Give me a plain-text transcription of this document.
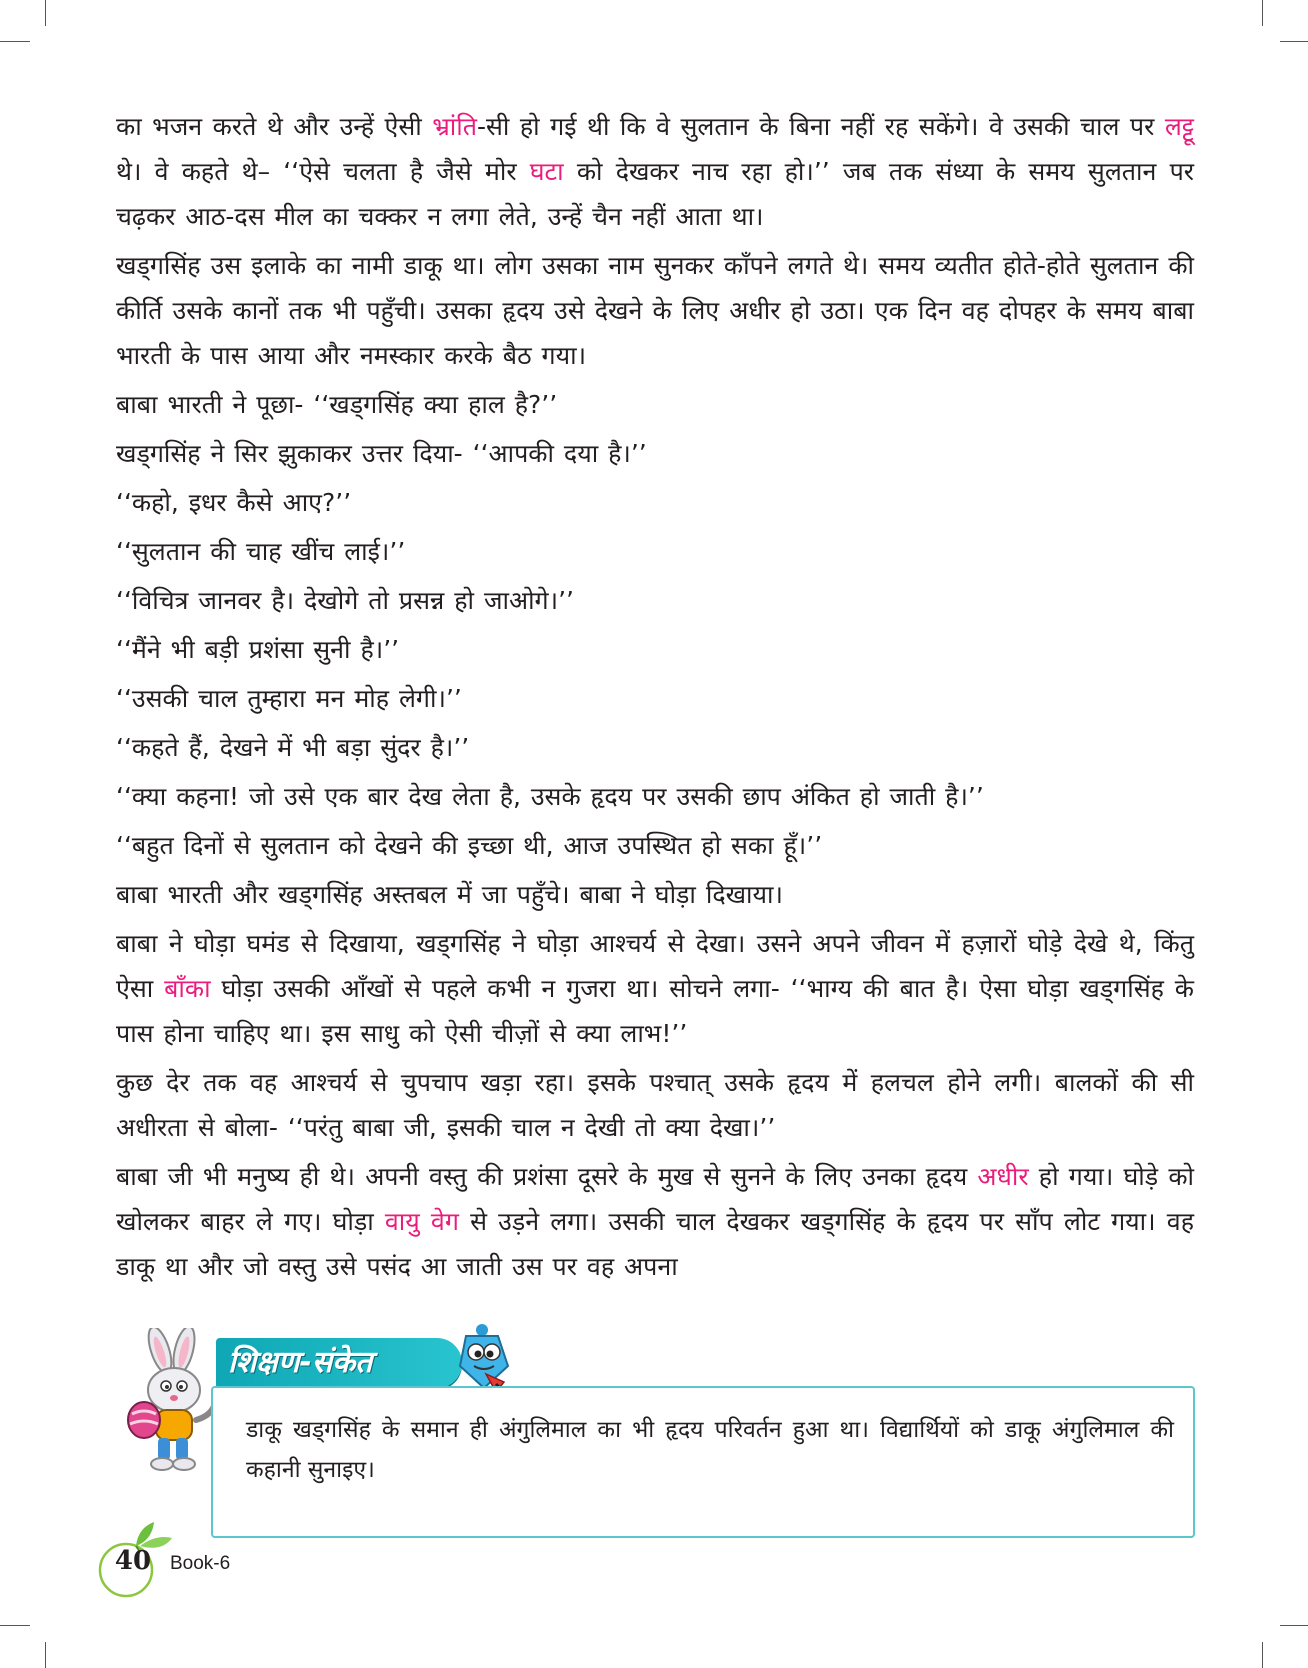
का भजन करते थे और उन्हें ऐसी भ्रांति-सी हो गई थी कि वे सुलतान के बिना नहीं रह सकेंगे। वे उसकी चाल पर लट्टू थे। वे कहते थे– ‘‘ऐसे चलता है जैसे मोर घटा को देखकर नाच रहा हो।’’ जब तक संध्या के समय सुलतान पर चढ़कर आठ-दस मील का चक्कर न लगा लेते, उन्हें चैन नहीं आता था।

खड्गसिंह उस इलाके का नामी डाकू था। लोग उसका नाम सुनकर काँपने लगते थे। समय व्यतीत होते-होते सुलतान की कीर्ति उसके कानों तक भी पहुँची। उसका हृदय उसे देखने के लिए अधीर हो उठा। एक दिन वह दोपहर के समय बाबा भारती के पास आया और नमस्कार करके बैठ गया।

बाबा भारती ने पूछा- ‘‘खड्गसिंह क्या हाल है?’’

खड्गसिंह ने सिर झुकाकर उत्तर दिया- ‘‘आपकी दया है।’’

‘‘कहो, इधर कैसे आए?’’

‘‘सुलतान की चाह खींच लाई।’’

‘‘विचित्र जानवर है। देखोगे तो प्रसन्न हो जाओगे।’’

‘‘मैंने भी बड़ी प्रशंसा सुनी है।’’

‘‘उसकी चाल तुम्हारा मन मोह लेगी।’’

‘‘कहते हैं, देखने में भी बड़ा सुंदर है।’’

‘‘क्या कहना! जो उसे एक बार देख लेता है, उसके हृदय पर उसकी छाप अंकित हो जाती है।’’

‘‘बहुत दिनों से सुलतान को देखने की इच्छा थी, आज उपस्थित हो सका हूँ।’’

बाबा भारती और खड्गसिंह अस्तबल में जा पहुँचे। बाबा ने घोड़ा दिखाया।

बाबा ने घोड़ा घमंड से दिखाया, खड्गसिंह ने घोड़ा आश्चर्य से देखा। उसने अपने जीवन में हज़ारों घोड़े देखे थे, किंतु ऐसा बाँका घोड़ा उसकी आँखों से पहले कभी न गुजरा था। सोचने लगा- ‘‘भाग्य की बात है। ऐसा घोड़ा खड्गसिंह के पास होना चाहिए था। इस साधु को ऐसी चीज़ों से क्या लाभ!’’

कुछ देर तक वह आश्चर्य से चुपचाप खड़ा रहा। इसके पश्चात् उसके हृदय में हलचल होने लगी। बालकों की सी अधीरता से बोला- ‘‘परंतु बाबा जी, इसकी चाल न देखी तो क्या देखा।’’

बाबा जी भी मनुष्य ही थे। अपनी वस्तु की प्रशंसा दूसरे के मुख से सुनने के लिए उनका हृदय अधीर हो गया। घोड़े को खोलकर बाहर ले गए। घोड़ा वायु वेग से उड़ने लगा। उसकी चाल देखकर खड्गसिंह के हृदय पर साँप लोट गया। वह डाकू था और जो वस्तु उसे पसंद आ जाती उस पर वह अपना

शिक्षण-संकेत
डाकू खड्गसिंह के समान ही अंगुलिमाल का भी हृदय परिवर्तन हुआ था। विद्यार्थियों को डाकू अंगुलिमाल की कहानी सुनाइए।
40 Book-6
